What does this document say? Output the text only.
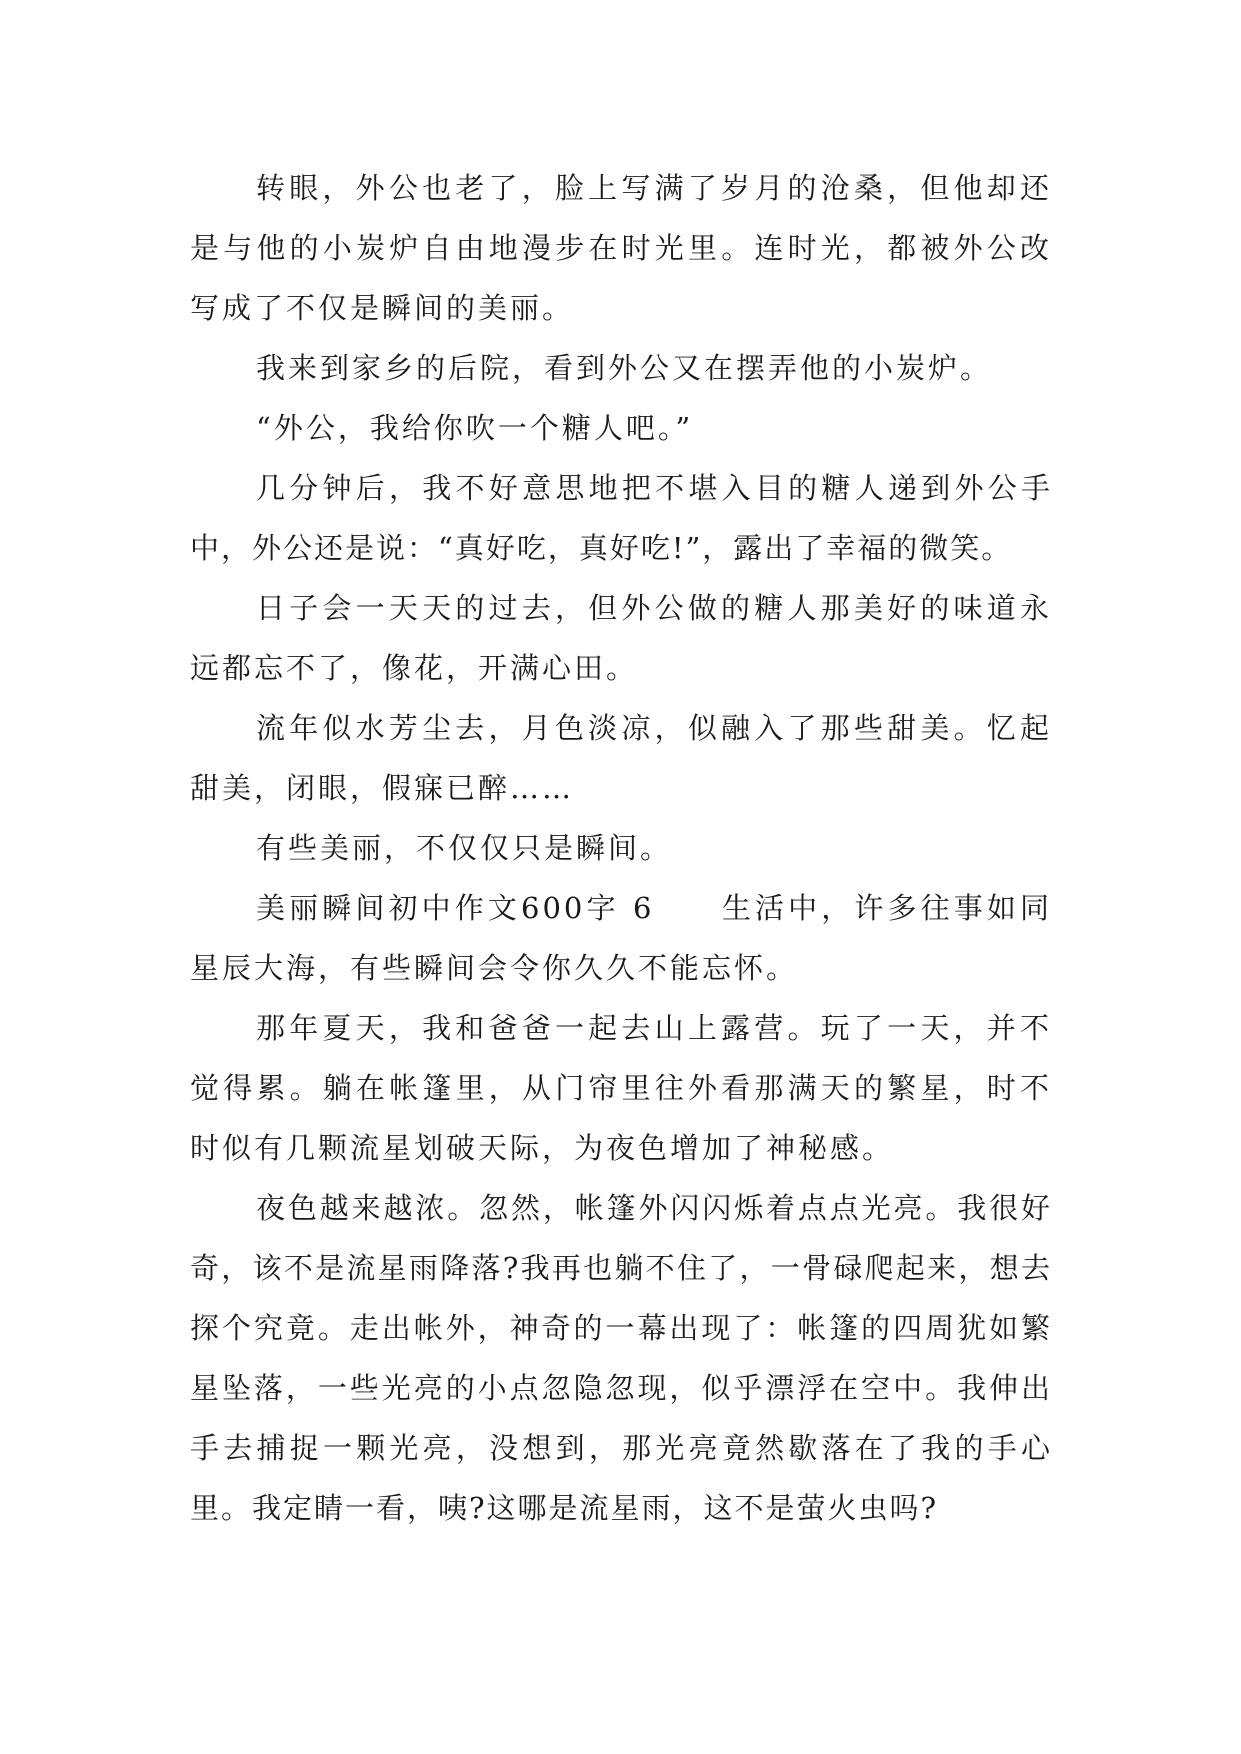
转眼，外公也老了，脸上写满了岁月的沧桑，但他却还是与他的小炭炉自由地漫步在时光里。连时光，都被外公改写成了不仅是瞬间的美丽。

我来到家乡的后院，看到外公又在摆弄他的小炭炉。

“外公，我给你吹一个糖人吧。”

几分钟后，我不好意思地把不堪入目的糖人递到外公手中，外公还是说：“真好吃，真好吃!”，露出了幸福的微笑。

日子会一天天的过去，但外公做的糖人那美好的味道永远都忘不了，像花，开满心田。

流年似水芳尘去，月色淡凉，似融入了那些甜美。忆起甜美，闭眼，假寐已醉……

有些美丽，不仅仅只是瞬间。

美丽瞬间初中作文600字 6　　生活中，许多往事如同星辰大海，有些瞬间会令你久久不能忘怀。

那年夏天，我和爸爸一起去山上露营。玩了一天，并不觉得累。躺在帐篷里，从门帘里往外看那满天的繁星，时不时似有几颗流星划破天际，为夜色增加了神秘感。

夜色越来越浓。忽然，帐篷外闪闪烁着点点光亮。我很好奇，该不是流星雨降落?我再也躺不住了，一骨碌爬起来，想去探个究竟。走出帐外，神奇的一幕出现了：帐篷的四周犹如繁星坠落，一些光亮的小点忽隐忽现，似乎漂浮在空中。我伸出手去捕捉一颗光亮，没想到，那光亮竟然歇落在了我的手心里。我定睛一看，咦?这哪是流星雨，这不是萤火虫吗?
